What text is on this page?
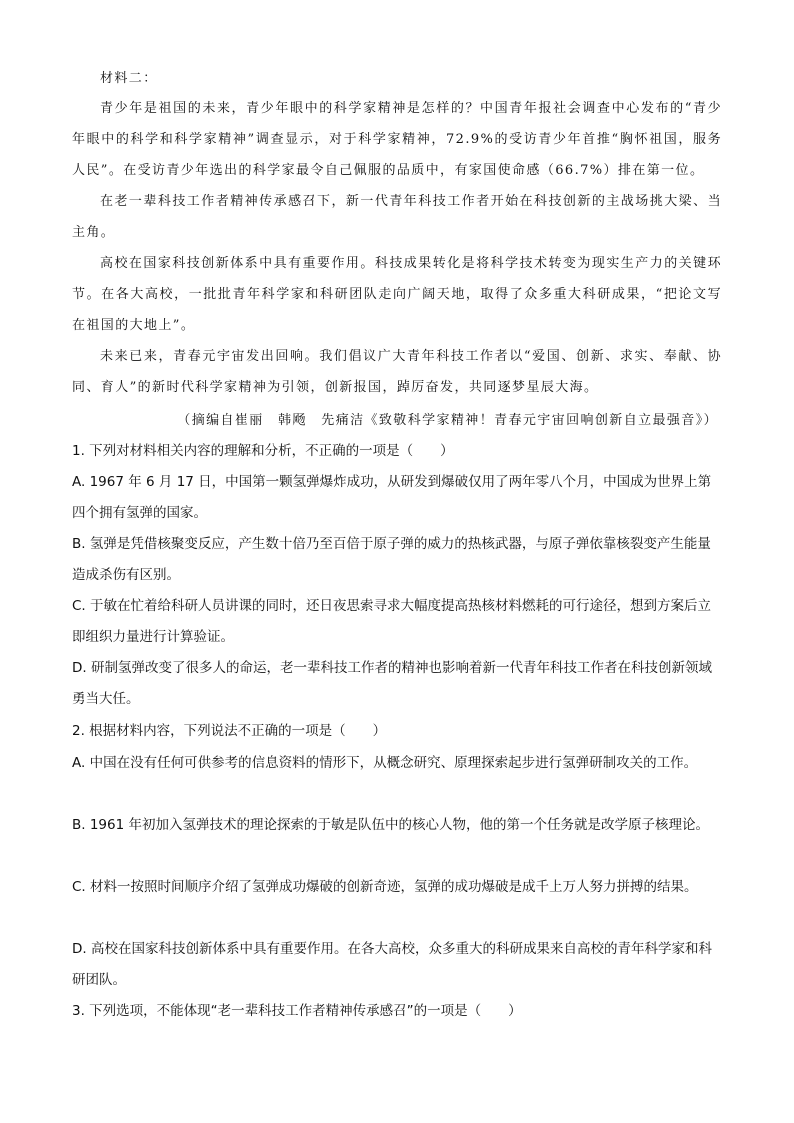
材料二：
青少年是祖国的未来，青少年眼中的科学家精神是怎样的？中国青年报社会调查中心发布的“青少年眼中的科学和科学家精神”调查显示，对于科学家精神，72.9%的受访青少年首推“胸怀祖国，服务人民”。在受访青少年选出的科学家最令自己佩服的品质中，有家国使命感（66.7%）排在第一位。
在老一辈科技工作者精神传承感召下，新一代青年科技工作者开始在科技创新的主战场挑大梁、当主角。
高校在国家科技创新体系中具有重要作用。科技成果转化是将科学技术转变为现实生产力的关键环节。在各大高校，一批批青年科学家和科研团队走向广阔天地，取得了众多重大科研成果，“把论文写在祖国的大地上”。
未来已来，青春元宇宙发出回响。我们倡议广大青年科技工作者以“爱国、创新、求实、奉献、协同、育人”的新时代科学家精神为引领，创新报国，踔厉奋发，共同逐梦星辰大海。
（摘编自崔丽　韩飏　先痛洁《致敬科学家精神！青春元宇宙回响创新自立最强音》）
1. 下列对材料相关内容的理解和分析，不正确的一项是（　　）
A. 1967 年 6 月 17 日，中国第一颗氢弹爆炸成功，从研发到爆破仅用了两年零八个月，中国成为世界上第四个拥有氢弹的国家。
B. 氢弹是凭借核聚变反应，产生数十倍乃至百倍于原子弹的威力的热核武器，与原子弹依靠核裂变产生能量造成杀伤有区别。
C. 于敏在忙着给科研人员讲课的同时，还日夜思索寻求大幅度提高热核材料燃耗的可行途径，想到方案后立即组织力量进行计算验证。
D. 研制氢弹改变了很多人的命运，老一辈科技工作者的精神也影响着新一代青年科技工作者在科技创新领域勇当大任。
2. 根据材料内容，下列说法不正确的一项是（　　）
A. 中国在没有任何可供参考的信息资料的情形下，从概念研究、原理探索起步进行氢弹研制攻关的工作。
B. 1961 年初加入氢弹技术的理论探索的于敏是队伍中的核心人物，他的第一个任务就是改学原子核理论。
C. 材料一按照时间顺序介绍了氢弹成功爆破的创新奇迹，氢弹的成功爆破是成千上万人努力拼搏的结果。
D. 高校在国家科技创新体系中具有重要作用。在各大高校，众多重大的科研成果来自高校的青年科学家和科研团队。
3. 下列选项，不能体现“老一辈科技工作者精神传承感召”的一项是（　　）
